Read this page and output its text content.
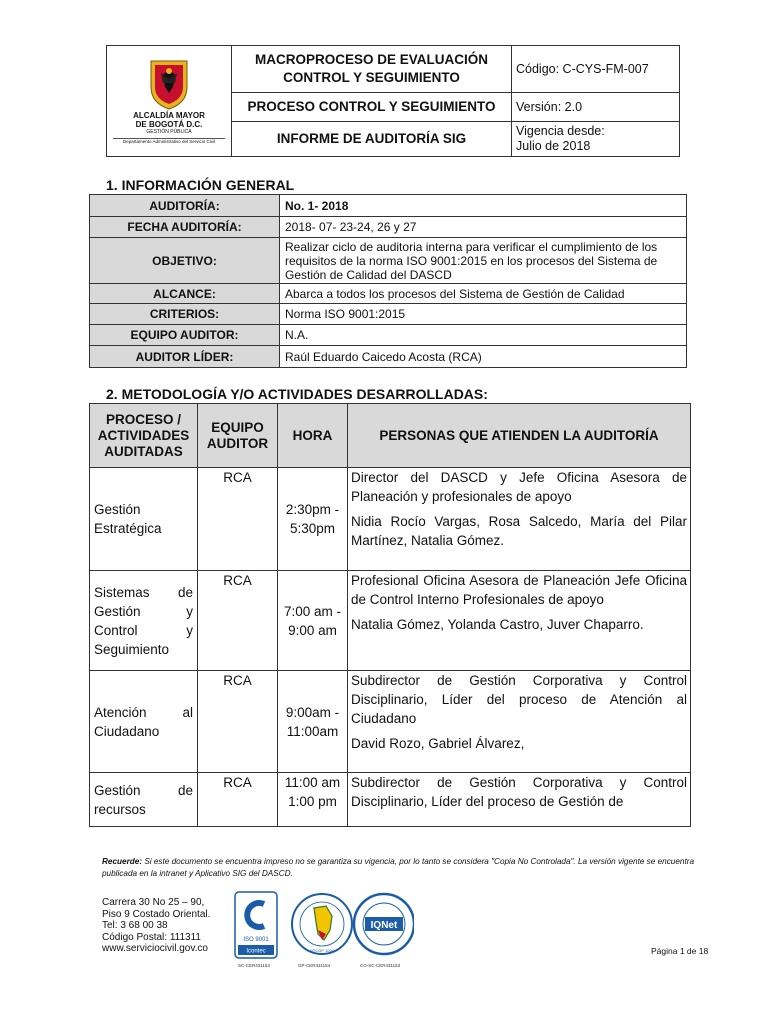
ALCALDÍA MAYOR
DE BOGOTÁ D.C.
GESTIÓN PÚBLICA
Departamento Administrativo del Servicio Civil	MACROPROCESO DE EVALUACIÓN CONTROL Y SEGUIMIENTO	Código: C-CYS-FM-007
	PROCESO CONTROL Y SEGUIMIENTO	Versión: 2.0
	INFORME DE AUDITORÍA SIG	Vigencia desde:
Julio de 2018
1. INFORMACIÓN GENERAL
AUDITORÍA:	No. 1- 2018
FECHA AUDITORÍA:	2018- 07- 23-24, 26 y 27
OBJETIVO:	Realizar ciclo de auditoria interna para verificar el cumplimiento de los requisitos de la norma ISO 9001:2015 en los procesos del Sistema de Gestión de Calidad del DASCD
ALCANCE:	Abarca a todos los procesos del Sistema de Gestión de Calidad
CRITERIOS:	Norma ISO 9001:2015
EQUIPO AUDITOR:	N.A.
AUDITOR LÍDER:	Raúl Eduardo Caicedo Acosta (RCA)
2. METODOLOGÍA Y/O ACTIVIDADES DESARROLLADAS:
PROCESO / ACTIVIDADES AUDITADAS	EQUIPO AUDITOR	HORA	PERSONAS QUE ATIENDEN LA AUDITORÍA
Gestión Estratégica	RCA	2:30pm - 5:30pm	Director del DASCD y Jefe Oficina Asesora de Planeación y profesionales de apoyo

Nidia Rocío Vargas, Rosa Salcedo, María del Pilar Martínez, Natalia Gómez.

Sistemas de Gestión y Control y Seguimiento	RCA	7:00 am - 9:00 am	Profesional Oficina Asesora de Planeación Jefe Oficina de Control Interno Profesionales de apoyo

Natalia Gómez, Yolanda Castro, Juver Chaparro.

Atención al Ciudadano	RCA	9:00am - 11:00am	Subdirector de Gestión Corporativa y Control Disciplinario, Líder del proceso de Atención al Ciudadano

David Rozo, Gabriel Álvarez,

Gestión de recursos	RCA	11:00 am 1:00 pm	Subdirector de Gestión Corporativa y Control Disciplinario, Líder del proceso de Gestión de

Recuerde: Si este documento se encuentra impreso no se garantiza su vigencia, por lo tanto se considera "Copia No Controlada". La versión vigente se encuentra publicada en la intranet y Aplicativo SIG del DASCD.
Carrera 30 No 25 – 90,
Piso 9 Costado Oriental.
Tel: 3 68 00 38
Código Postal: 111311
www.serviciocivil.gov.co
ISO 9001
Icontec	NTCGP 1000
IQNet
SC-CER431153	GP-CER431154	CO-SC-CER431153
Página 1 de 18
